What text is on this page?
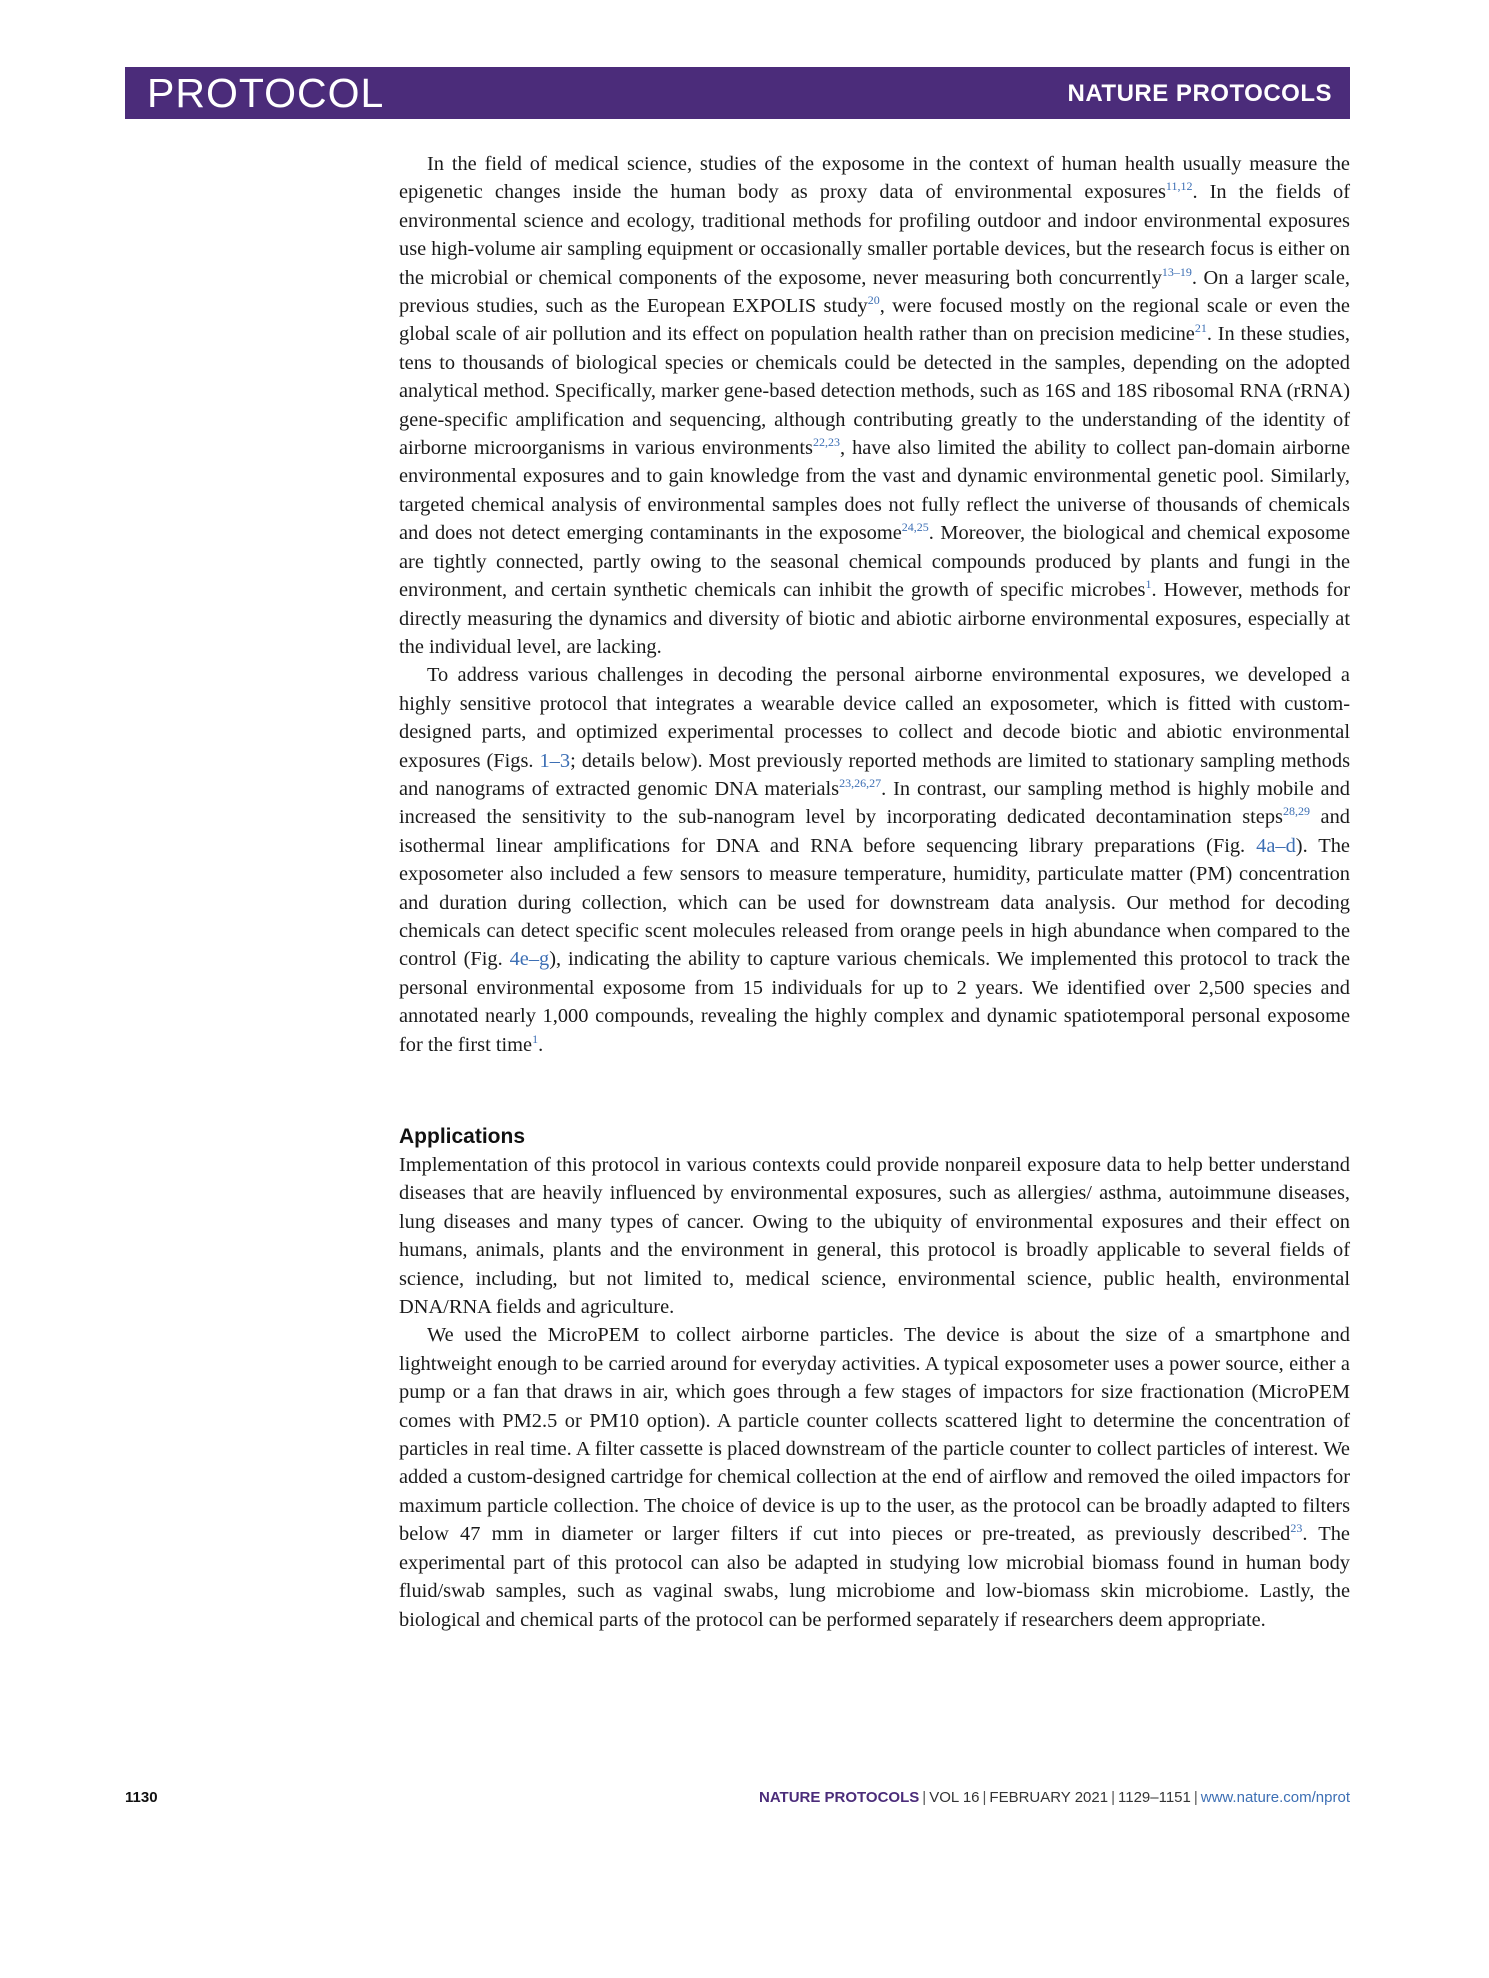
PROTOCOL	NATURE PROTOCOLS

In the field of medical science, studies of the exposome in the context of human health usually measure the epigenetic changes inside the human body as proxy data of environmental exposures$^{11,12}$. In the fields of environmental science and ecology, traditional methods for profiling outdoor and indoor environmental exposures use high-volume air sampling equipment or occasionally smaller portable devices, but the research focus is either on the microbial or chemical components of the exposome, never measuring both concurrently$^{13-19}$. On a larger scale, previous studies, such as the European EXPOLIS study$^{20}$, were focused mostly on the regional scale or even the global scale of air pollution and its effect on population health rather than on precision medicine$^{21}$. In these studies, tens to thousands of biological species or chemicals could be detected in the samples, depending on the adopted analytical method. Specifically, marker gene-based detection methods, such as 16S and 18S ribosomal RNA (rRNA) gene-specific amplification and sequencing, although contributing greatly to the understanding of the identity of airborne microorganisms in various environments$^{22,23}$, have also limited the ability to collect pan-domain airborne environmental exposures and to gain knowledge from the vast and dynamic environmental genetic pool. Similarly, targeted chemical analysis of environmental samples does not fully reflect the universe of thousands of chemicals and does not detect emerging contaminants in the exposome$^{24,25}$. Moreover, the biological and chemical exposome are tightly connected, partly owing to the seasonal chemical compounds produced by plants and fungi in the environment, and certain synthetic chemicals can inhibit the growth of specific microbes$^1$. However, methods for directly measuring the dynamics and diversity of biotic and abiotic airborne environmental exposures, especially at the individual level, are lacking.

To address various challenges in decoding the personal airborne environmental exposures, we developed a highly sensitive protocol that integrates a wearable device called an exposometer, which is fitted with custom-designed parts, and optimized experimental processes to collect and decode biotic and abiotic environmental exposures (Figs. 1–3; details below). Most previously reported methods are limited to stationary sampling methods and nanograms of extracted genomic DNA materials$^{23,26,27}$. In contrast, our sampling method is highly mobile and increased the sensitivity to the sub-nanogram level by incorporating dedicated decontamination steps$^{28,29}$ and isothermal linear amplifications for DNA and RNA before sequencing library preparations (Fig. 4a–d). The exposometer also included a few sensors to measure temperature, humidity, particulate matter (PM) concentration and duration during collection, which can be used for downstream data analysis. Our method for decoding chemicals can detect specific scent molecules released from orange peels in high abundance when compared to the control (Fig. 4e–g), indicating the ability to capture various chemicals. We implemented this protocol to track the personal environmental exposome from 15 individuals for up to 2 years. We identified over 2,500 species and annotated nearly 1,000 compounds, revealing the highly complex and dynamic spatiotemporal personal exposome for the first time$^1$.

Applications

Implementation of this protocol in various contexts could provide nonpareil exposure data to help better understand diseases that are heavily influenced by environmental exposures, such as allergies/ asthma, autoimmune diseases, lung diseases and many types of cancer. Owing to the ubiquity of environmental exposures and their effect on humans, animals, plants and the environment in general, this protocol is broadly applicable to several fields of science, including, but not limited to, medical science, environmental science, public health, environmental DNA/RNA fields and agriculture.

We used the MicroPEM to collect airborne particles. The device is about the size of a smartphone and lightweight enough to be carried around for everyday activities. A typical exposometer uses a power source, either a pump or a fan that draws in air, which goes through a few stages of impactors for size fractionation (MicroPEM comes with PM2.5 or PM10 option). A particle counter collects scattered light to determine the concentration of particles in real time. A filter cassette is placed downstream of the particle counter to collect particles of interest. We added a custom-designed cartridge for chemical collection at the end of airflow and removed the oiled impactors for maximum particle collection. The choice of device is up to the user, as the protocol can be broadly adapted to filters below 47 mm in diameter or larger filters if cut into pieces or pre-treated, as previously described$^{23}$. The experimental part of this protocol can also be adapted in studying low microbial biomass found in human body fluid/swab samples, such as vaginal swabs, lung microbiome and low-biomass skin microbiome. Lastly, the biological and chemical parts of the protocol can be performed separately if researchers deem appropriate.

1130	NATURE PROTOCOLS | VOL 16 | FEBRUARY 2021 | 1129–1151 | www.nature.com/nprot
